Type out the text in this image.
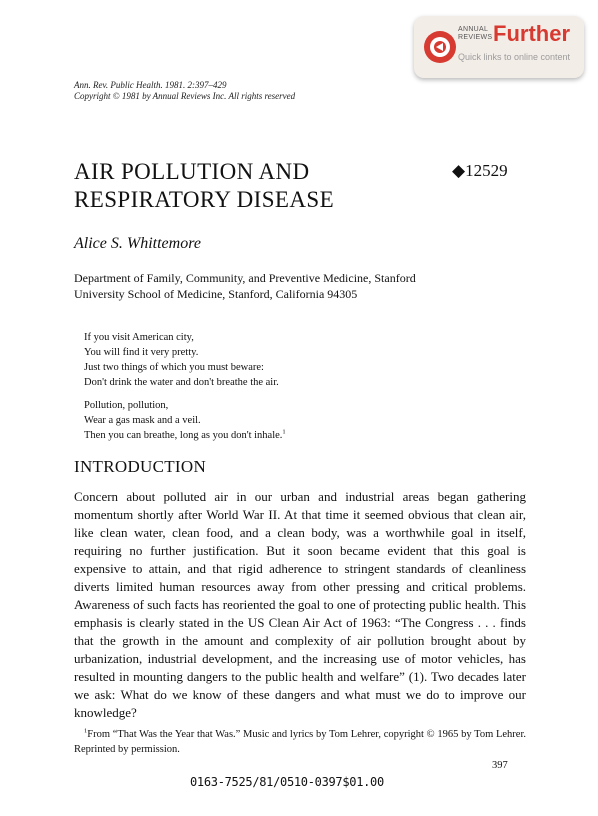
ANNUAL
REVIEWS Further
Quick links to online content
Ann. Rev. Public Health. 1981. 2:397–429
Copyright © 1981 by Annual Reviews Inc. All rights reserved
AIR POLLUTION AND
RESPIRATORY DISEASE
◆12529
Alice S. Whittemore
Department of Family, Community, and Preventive Medicine, Stanford
University School of Medicine, Stanford, California 94305
If you visit American city,
You will find it very pretty.
Just two things of which you must beware:
Don't drink the water and don't breathe the air.
Pollution, pollution,
Wear a gas mask and a veil.
Then you can breathe, long as you don't inhale.$^1$
INTRODUCTION

Concern about polluted air in our urban and industrial areas began gathering momentum shortly after World War II. At that time it seemed obvious that clean air, like clean water, clean food, and a clean body, was a worthwhile goal in itself, requiring no further justification. But it soon became evident that this goal is expensive to attain, and that rigid adherence to stringent standards of cleanliness diverts limited human resources away from other pressing and critical problems. Awareness of such facts has reoriented the goal to one of protecting public health. This emphasis is clearly stated in the US Clean Air Act of 1963: “The Congress . . . finds that the growth in the amount and complexity of air pollution brought about by urbanization, industrial development, and the increasing use of motor vehicles, has resulted in mounting dangers to the public health and welfare” (1). Two decades later we ask: What do we know of these dangers and what must we do to improve our knowledge?

$^1$From “That Was the Year that Was.” Music and lyrics by Tom Lehrer, copyright © 1965 by Tom Lehrer. Reprinted by permission.

397
0163-7525/81/0510-0397$01.00
